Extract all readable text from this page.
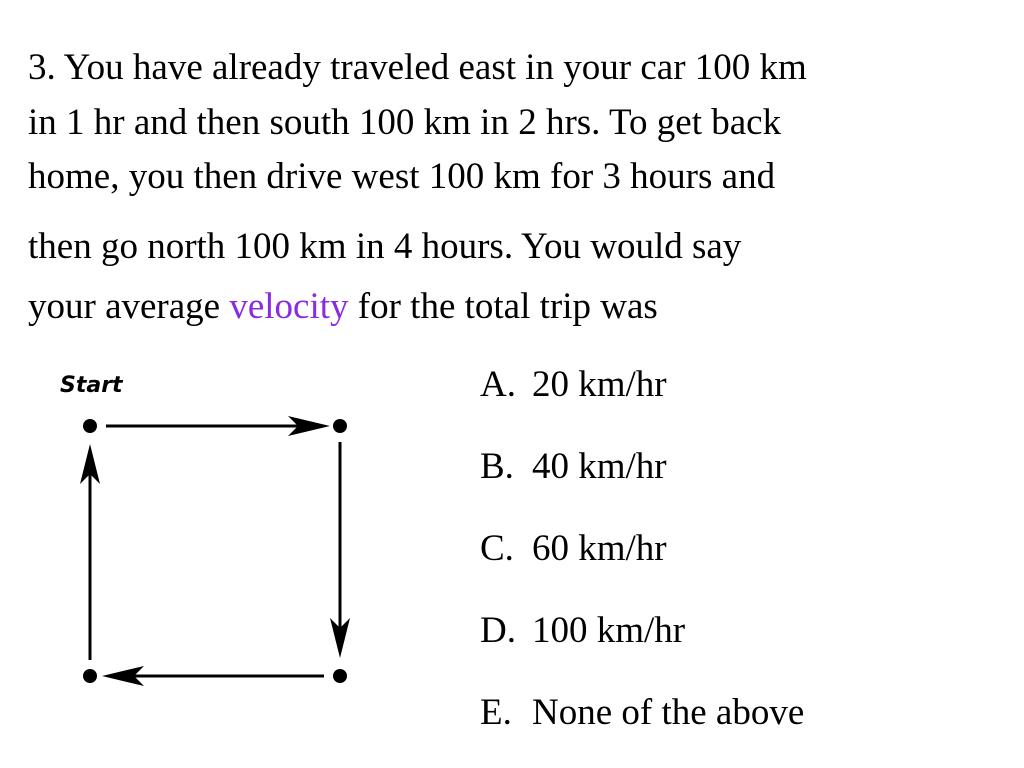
3. You have already traveled east in your car 100 km
in 1 hr and then south 100 km in 2 hrs. To get back
home, you then drive west 100 km for 3 hours and
then go north 100 km in 4 hours. You would say
your average velocity for the total trip was
Start	A. 20 km/hr
B. 40 km/hr
C. 60 km/hr
D. 100 km/hr
E. None of the above
